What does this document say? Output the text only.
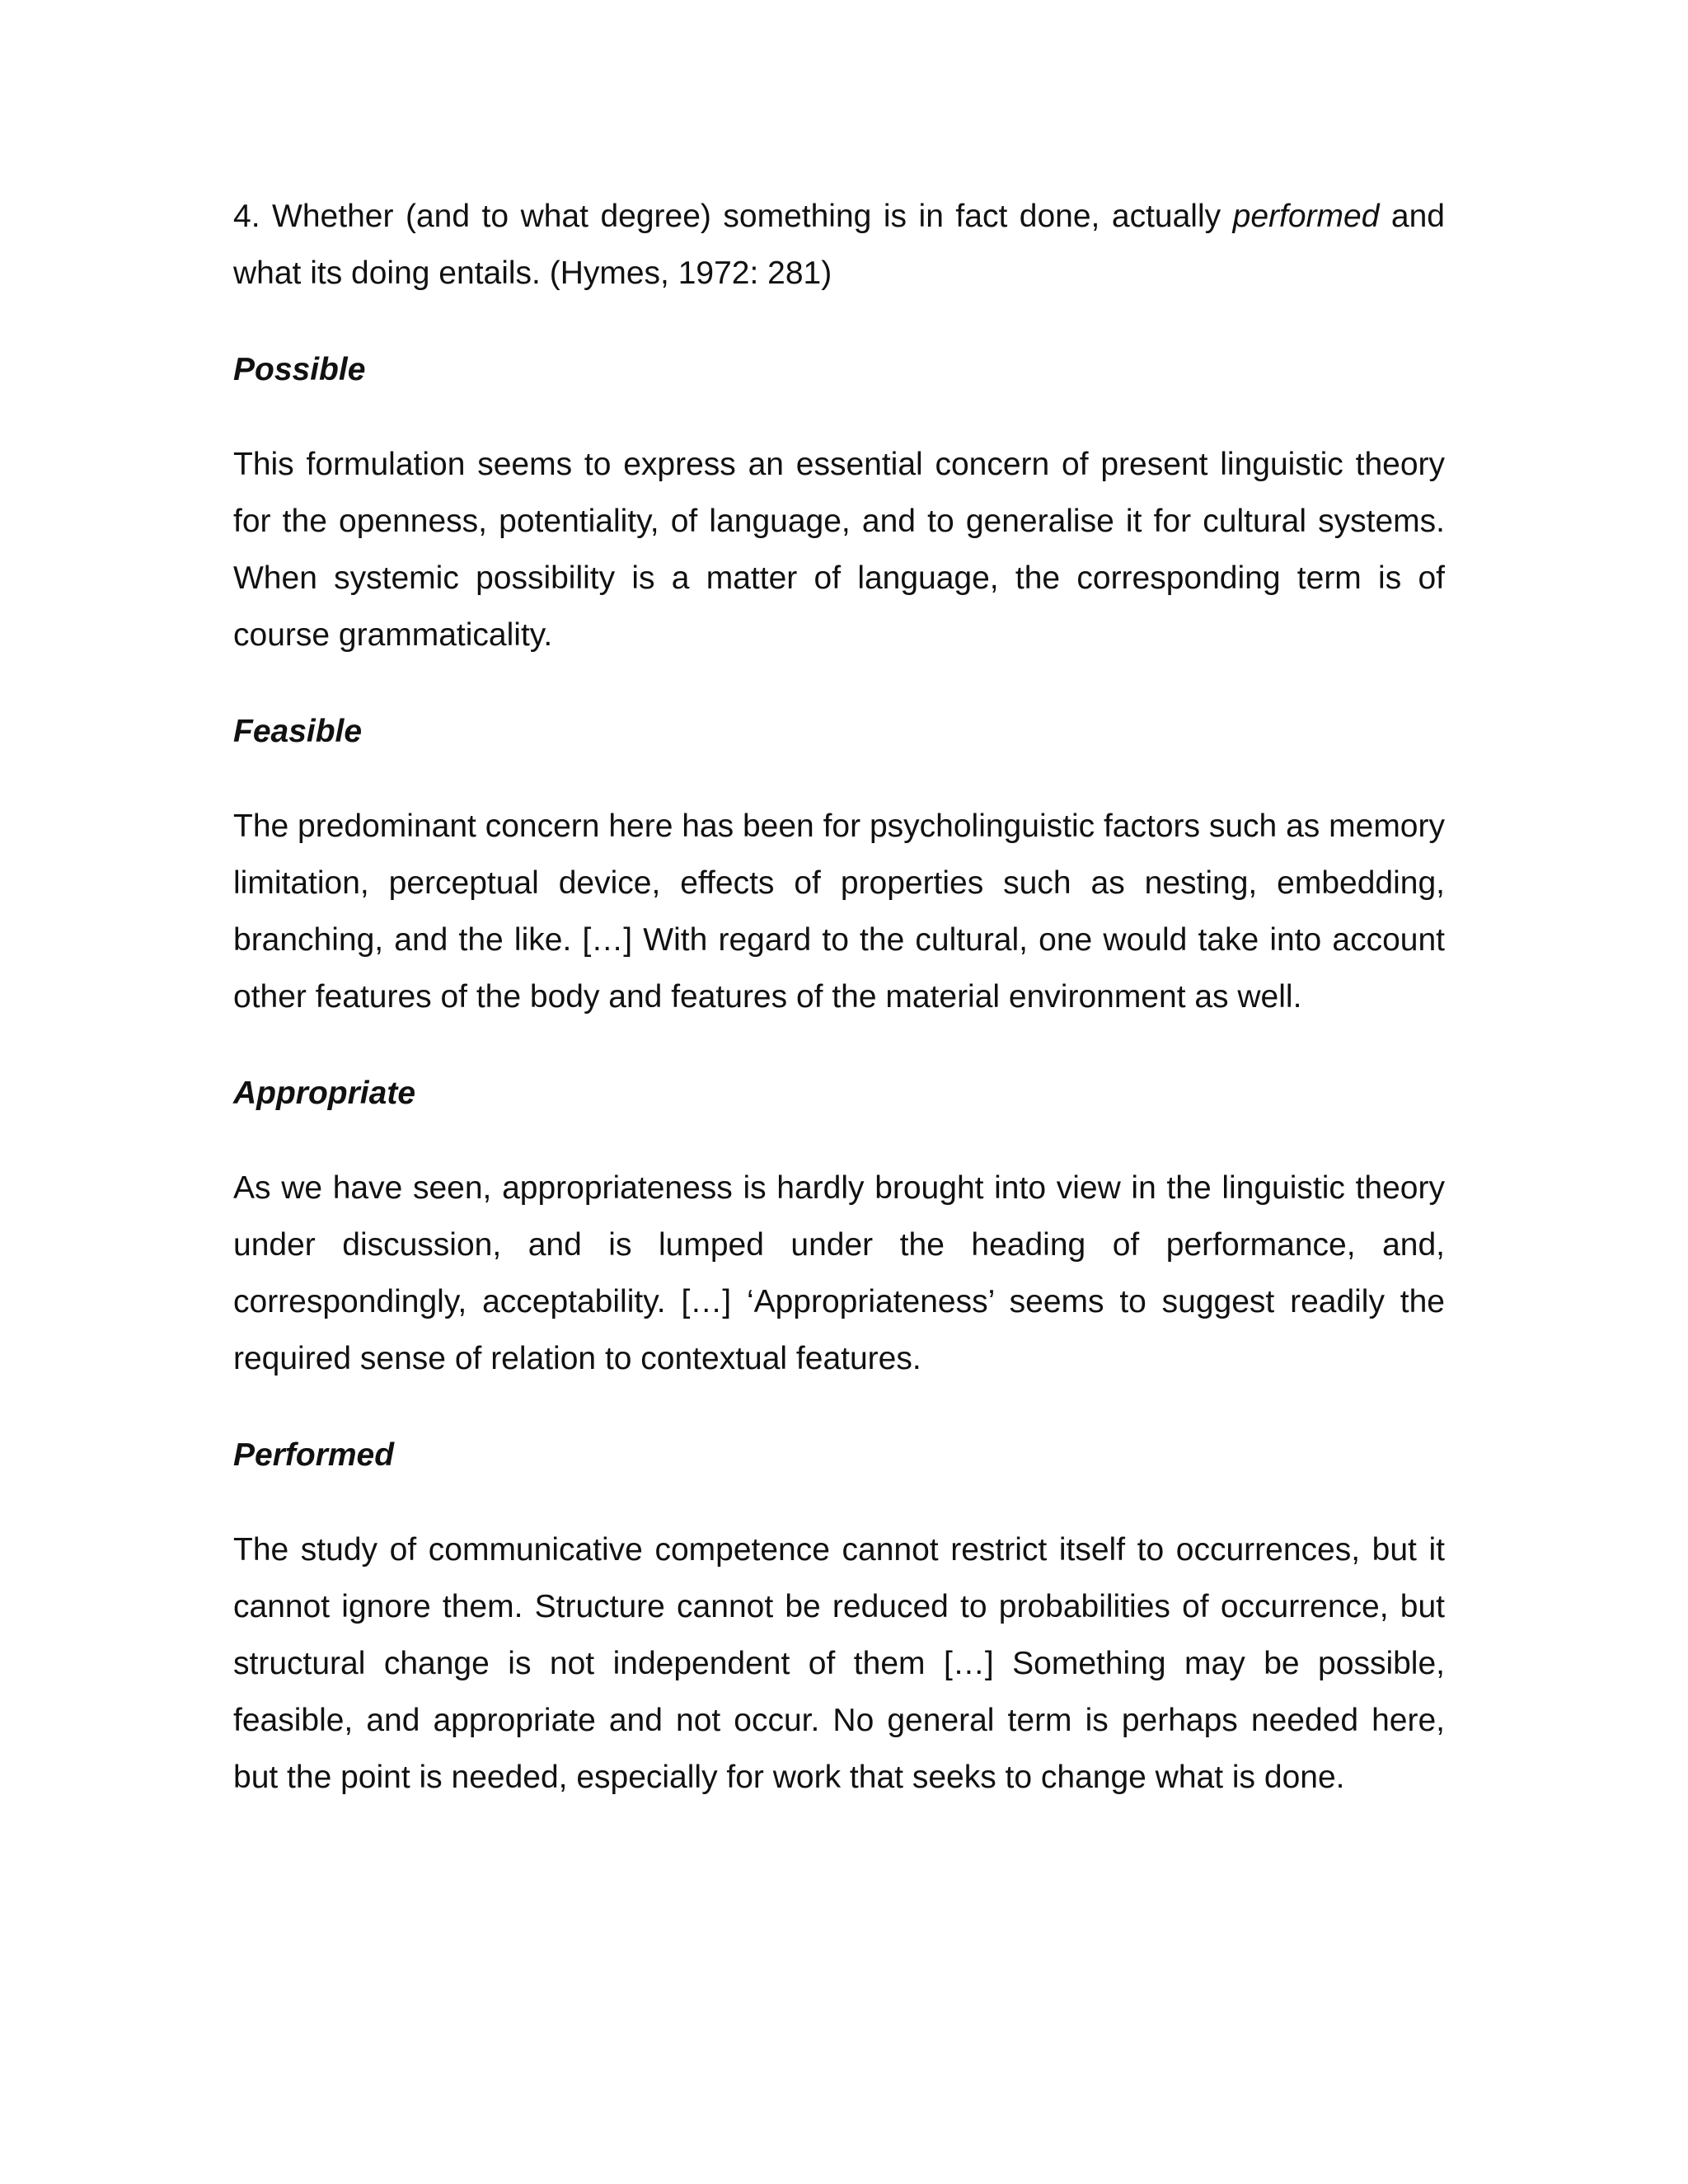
4. Whether (and to what degree) something is in fact done, actually performed and what its doing entails. (Hymes, 1972: 281)

Possible

This formulation seems to express an essential concern of present linguistic theory for the openness, potentiality, of language, and to generalise it for cultural systems. When systemic possibility is a matter of language, the corresponding term is of course grammaticality.

Feasible

The predominant concern here has been for psycholinguistic factors such as memory limitation, perceptual device, effects of properties such as nesting, embedding, branching, and the like. […] With regard to the cultural, one would take into account other features of the body and features of the material environment as well.

Appropriate

As we have seen, appropriateness is hardly brought into view in the linguistic theory under discussion, and is lumped under the heading of performance, and, correspondingly, acceptability. […] ‘Appropriateness’ seems to suggest readily the required sense of relation to contextual features.

Performed

The study of communicative competence cannot restrict itself to occurrences, but it cannot ignore them. Structure cannot be reduced to probabilities of occurrence, but structural change is not independent of them […] Something may be possible, feasible, and appropriate and not occur. No general term is perhaps needed here, but the point is needed, especially for work that seeks to change what is done.
